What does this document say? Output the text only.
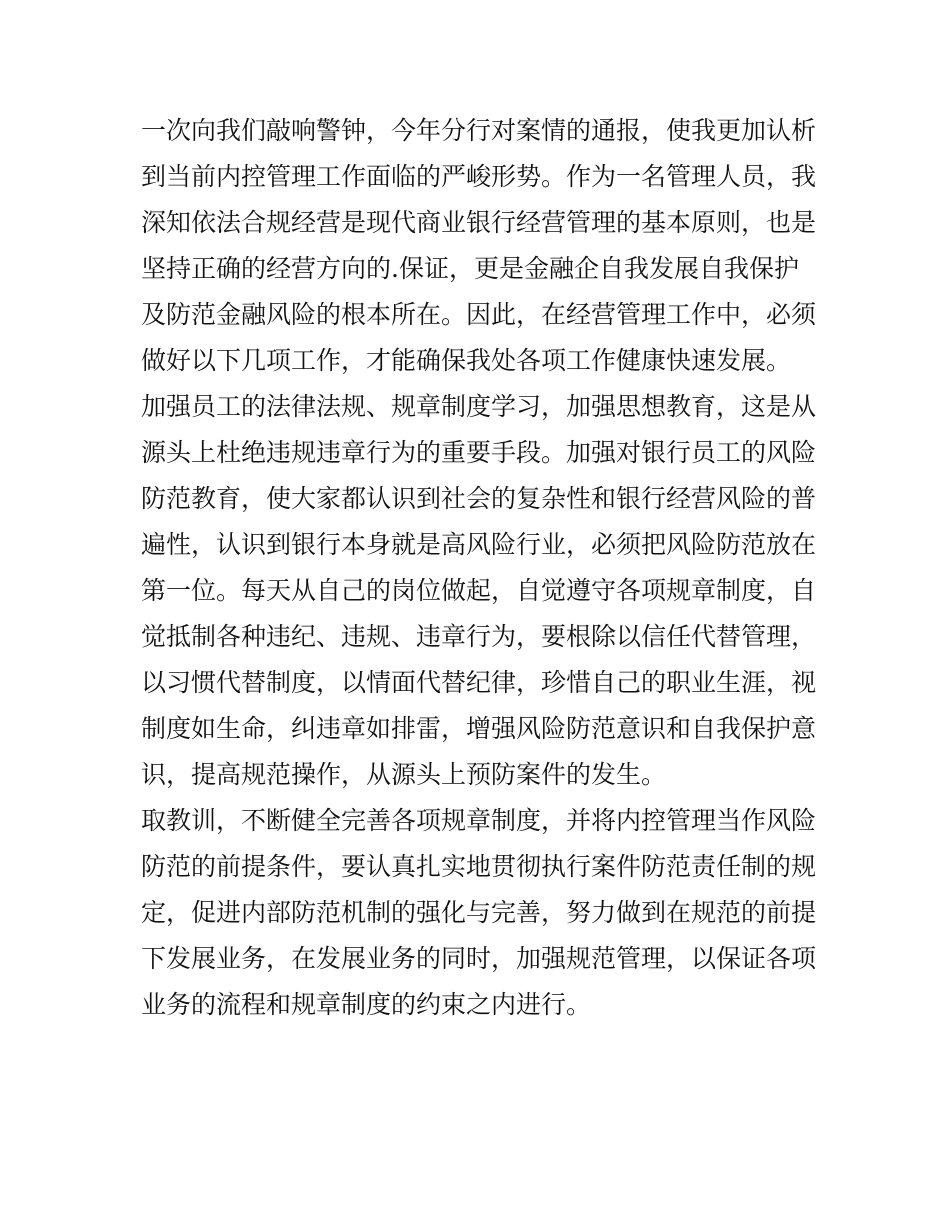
一次向我们敲响警钟，今年分行对案情的通报，使我更加认析
到当前内控管理工作面临的严峻形势。作为一名管理人员，我
深知依法合规经营是现代商业银行经营管理的基本原则，也是
坚持正确的经营方向的.保证，更是金融企自我发展自我保护
及防范金融风险的根本所在。因此，在经营管理工作中，必须
做好以下几项工作，才能确保我处各项工作健康快速发展。
加强员工的法律法规、规章制度学习，加强思想教育，这是从
源头上杜绝违规违章行为的重要手段。加强对银行员工的风险
防范教育，使大家都认识到社会的复杂性和银行经营风险的普
遍性，认识到银行本身就是高风险行业，必须把风险防范放在
第一位。每天从自己的岗位做起，自觉遵守各项规章制度，自
觉抵制各种违纪、违规、违章行为，要根除以信任代替管理，
以习惯代替制度，以情面代替纪律，珍惜自己的职业生涯，视
制度如生命，纠违章如排雷，增强风险防范意识和自我保护意
识，提高规范操作，从源头上预防案件的发生。
取教训，不断健全完善各项规章制度，并将内控管理当作风险
防范的前提条件，要认真扎实地贯彻执行案件防范责任制的规
定，促进内部防范机制的强化与完善，努力做到在规范的前提
下发展业务，在发展业务的同时，加强规范管理，以保证各项
业务的流程和规章制度的约束之内进行。
